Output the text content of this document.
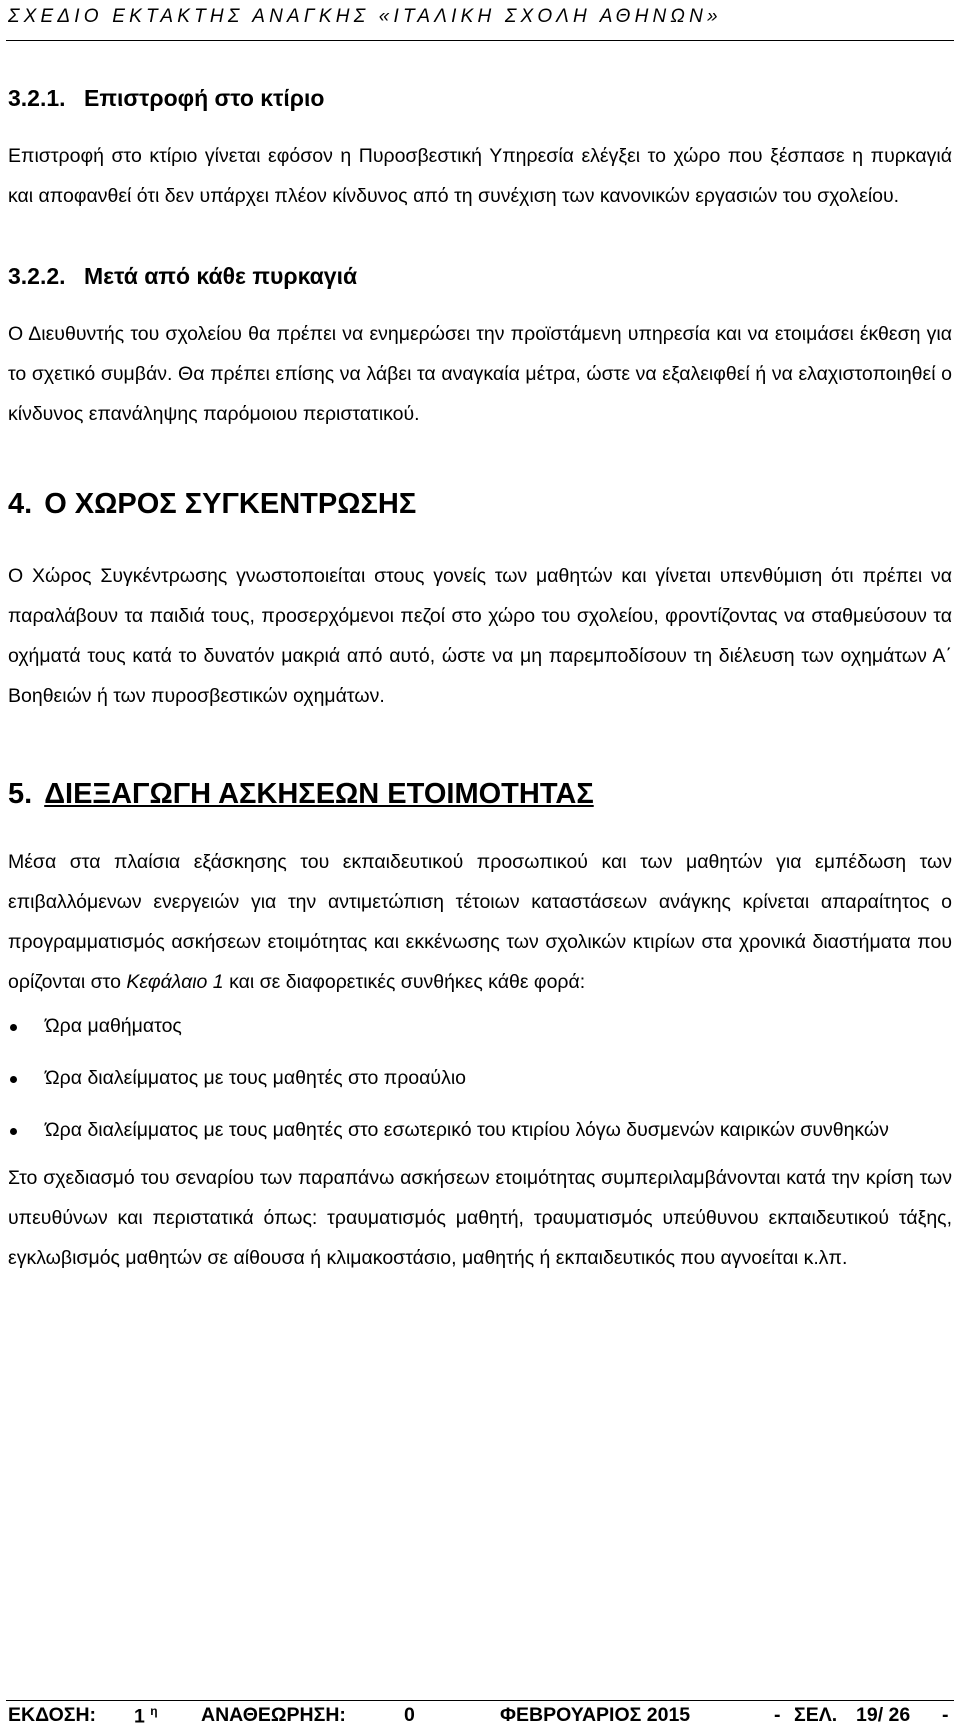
ΣΧΕΔΙΟ ΕΚΤΑΚΤΗΣ ΑΝΑΓΚΗΣ «ΙΤΑΛΙΚΗ ΣΧΟΛΗ ΑΘΗΝΩΝ»
3.2.1. Επιστροφή στο κτίριο

Επιστροφή στο κτίριο γίνεται εφόσον η Πυροσβεστική Υπηρεσία ελέγξει το χώρο που ξέσπασε η πυρκαγιά και αποφανθεί ότι δεν υπάρχει πλέον κίνδυνος από τη συνέχιση των κανονικών εργασιών του σχολείου.

3.2.2. Μετά από κάθε πυρκαγιά

Ο Διευθυντής του σχολείου θα πρέπει να ενημερώσει την προϊστάμενη υπηρεσία και να ετοιμάσει έκθεση για το σχετικό συμβάν. Θα πρέπει επίσης να λάβει τα αναγκαία μέτρα, ώστε να εξαλειφθεί ή να ελαχιστοποιηθεί ο κίνδυνος επανάληψης παρόμοιου περιστατικού.

4. Ο ΧΩΡΟΣ ΣΥΓΚΕΝΤΡΩΣΗΣ

Ο Χώρος Συγκέντρωσης γνωστοποιείται στους γονείς των μαθητών και γίνεται υπενθύμιση ότι πρέπει να παραλάβουν τα παιδιά τους, προσερχόμενοι πεζοί στο χώρο του σχολείου, φροντίζοντας να σταθμεύσουν τα οχήματά τους κατά το δυνατόν μακριά από αυτό, ώστε να μη παρεμποδίσουν τη διέλευση των οχημάτων Α΄ Βοηθειών ή των πυροσβεστικών οχημάτων.

5. ΔΙΕΞΑΓΩΓΗ ΑΣΚΗΣΕΩΝ ΕΤΟΙΜΟΤΗΤΑΣ

Μέσα στα πλαίσια εξάσκησης του εκπαιδευτικού προσωπικού και των μαθητών για εμπέδωση των επιβαλλόμενων ενεργειών για την αντιμετώπιση τέτοιων καταστάσεων ανάγκης κρίνεται απαραίτητος ο προγραμματισμός ασκήσεων ετοιμότητας και εκκένωσης των σχολικών κτιρίων στα χρονικά διαστήματα που ορίζονται στο Κεφάλαιο 1 και σε διαφορετικές συνθήκες κάθε φορά:

Ώρα μαθήματος
Ώρα διαλείμματος με τους μαθητές στο προαύλιο
Ώρα διαλείμματος με τους μαθητές στο εσωτερικό του κτιρίου λόγω δυσμενών καιρικών συνθηκών

Στο σχεδιασμό του σεναρίου των παραπάνω ασκήσεων ετοιμότητας συμπεριλαμβάνονται κατά την κρίση των υπευθύνων και περιστατικά όπως: τραυματισμός μαθητή, τραυματισμός υπεύθυνου εκπαιδευτικού τάξης, εγκλωβισμός μαθητών σε αίθουσα ή κλιμακοστάσιο, μαθητής ή εκπαιδευτικός που αγνοείται κ.λπ.

ΕΚΔΟΣΗ: 1 $^\eta$ ΑΝΑΘΕΩΡΗΣΗ:	0	ΦΕΒΡΟΥΑΡΙΟΣ 2015	- ΣΕΛ. 19/ 26 -
